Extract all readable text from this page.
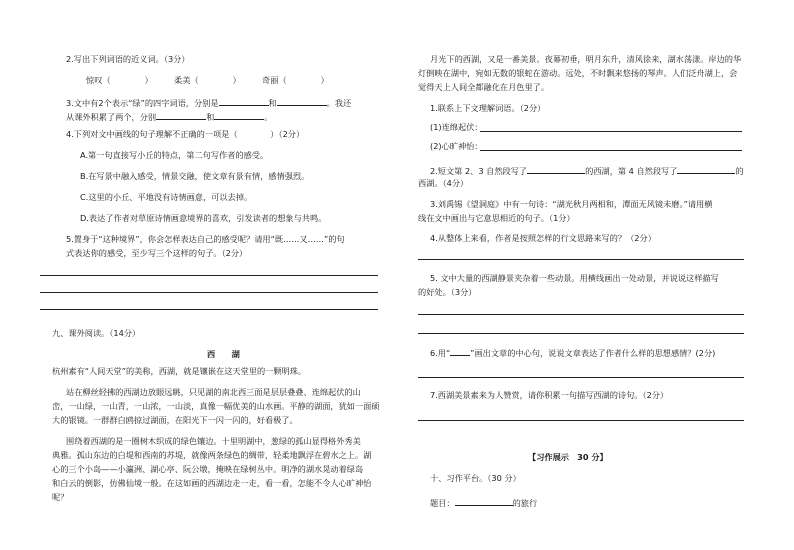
2.写出下列词语的近义词。（3分）
惊叹（	）	柔美（	）	奇丽（	）
3.文中有2个表示“绿”的四字词语，分别是	和	。我还
从课外积累了两个，分别	和	。
4.下列对文中画线的句子理解不正确的一项是（　　　　）（2分）
A.第一句直接写小丘的特点，第二句写作者的感受。
B.在写景中融入感受，情景交融，使文章有景有情，感情强烈。
C.这里的小丘、平地没有诗情画意，可以去掉。
D.表达了作者对草原诗情画意境界的喜欢，引发读者的想象与共鸣。
5.置身于“这种境界”，你会怎样表达自己的感受呢？请用“既……又……”的句
式表达你的感受，至少写三个这样的句子。（2分）
九、课外阅读。（14分）
西　　湖
杭州素有“人间天堂”的美称，西湖，就是镶嵌在这天堂里的一颗明珠。
站在柳丝轻拂的西湖边放眼远眺，只见湖的南北西三面是层层叠叠、连绵起伏的山
峦，一山绿，一山青，一山浓，一山淡，真像一幅优美的山水画。平静的湖面，犹如一面硕
大的银镜。一群群白鸥掠过湖面，在阳光下一闪一闪的，好看极了。
围绕着西湖的是一圈树木织成的绿色镶边。十里明湖中，葱绿的孤山显得格外秀美
典雅。孤山东边的白堤和西南的苏堤，就像两条绿色的绸带，轻柔地飘浮在碧水之上。湖
心的三个小岛——小瀛洲、湖心亭、阮公墩，掩映在绿树丛中。明净的湖水晃动着绿岛
和白云的倒影，仿佛仙境一般。在这如画的西湖边走一走，看一看，怎能不令人心旷神怡
呢？
月光下的西湖，又是一番美景。夜幕初垂，明月东升，清风徐来，湖水荡漾。岸边的华
灯倒映在湖中，宛如无数的银蛇在游动。远处，不时飘来悠扬的琴声。人们泛舟湖上，会
觉得天上人间全都融化在月色里了。
1.联系上下文理解词语。（2分）
(1)连绵起伏：
(2)心旷神怡：
2.短文第 2、3 自然段写了	的西湖，第 4 自然段写了	的
西湖。（4分）
3.刘禹锡《望洞庭》中有一句诗：“湖光秋月两相和，潭面无风镜未磨。”请用横
线在文中画出与它意思相近的句子。（1分）
4.从整体上来看，作者是按照怎样的行文思路来写的？（2分）
5. 文中大量的西湖静景夹杂着一些动景。用横线画出一处动景，并说说这样描写
的好处。（3分）
6.用“ ”画出文章的中心句，说说文章表达了作者什么样的思想感情？(2分)
7.西湖美景素来为人赞赏，请你积累一句描写西湖的诗句。（2分）
【习作展示　30 分】
十、习作平台。（30 分）
题目：	的旅行
